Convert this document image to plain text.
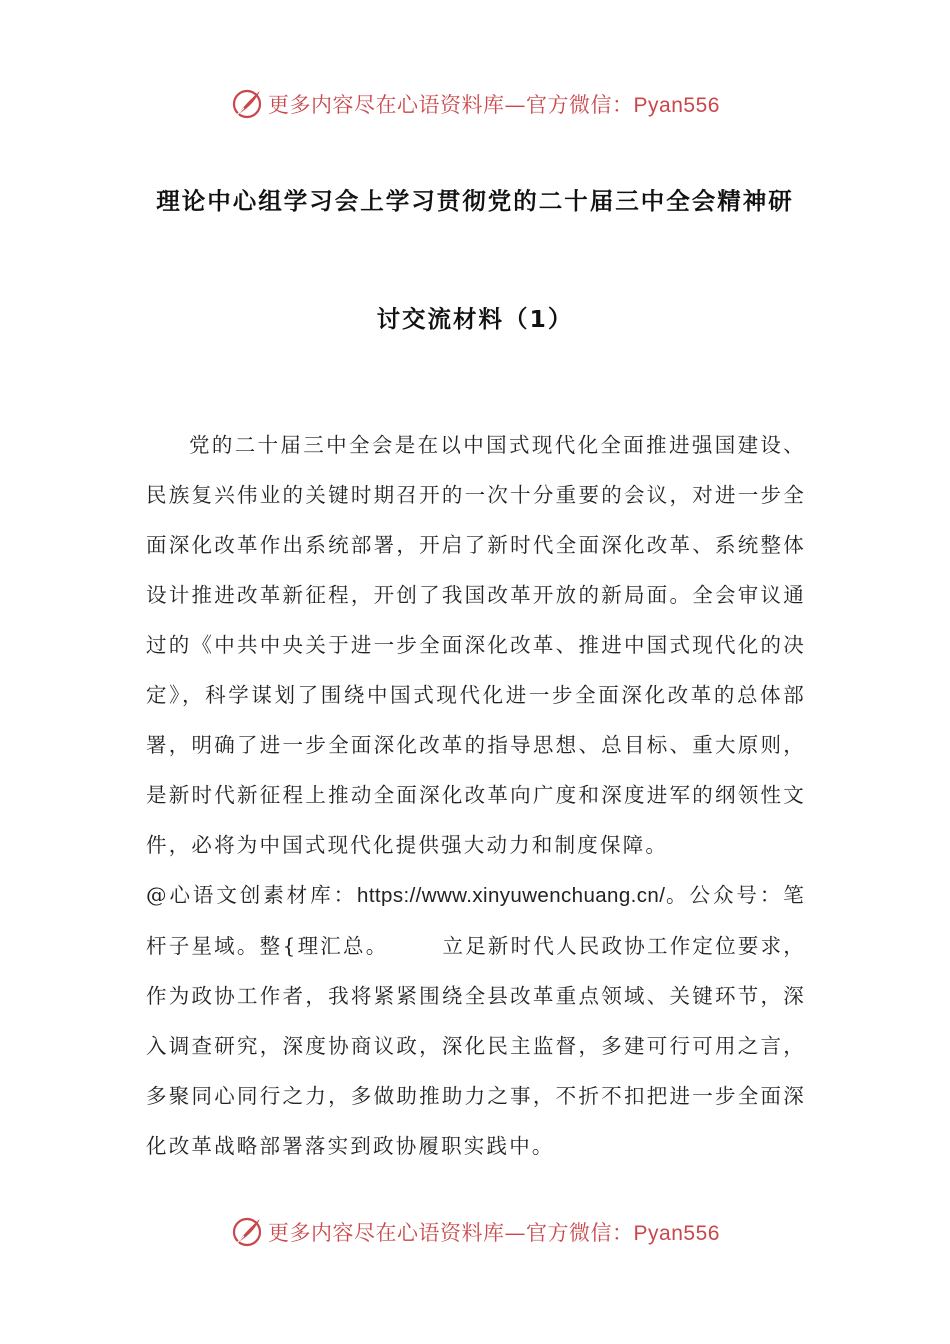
更多内容尽在心语资料库—官方微信：Pyan556
理论中心组学习会上学习贯彻党的二十届三中全会精神研
讨交流材料（1）

党的二十届三中全会是在以中国式现代化全面推进强国建设、民族复兴伟业的关键时期召开的一次十分重要的会议，对进一步全面深化改革作出系统部署，开启了新时代全面深化改革、系统整体设计推进改革新征程，开创了我国改革开放的新局面。全会审议通过的《中共中央关于进一步全面深化改革、推进中国式现代化的决定》，科学谋划了围绕中国式现代化进一步全面深化改革的总体部署，明确了进一步全面深化改革的指导思想、总目标、重大原则，是新时代新征程上推动全面深化改革向广度和深度进军的纲领性文件，必将为中国式现代化提供强大动力和制度保障。

@心语文创素材库：https://www.xinyuwenchuang.cn/。公众号：笔杆子星域。整{理汇总。	立足新时代人民政协工作定位要求，作为政协工作者，我将紧紧围绕全县改革重点领域、关键环节，深入调查研究，深度协商议政，深化民主监督，多建可行可用之言，多聚同心同行之力，多做助推助力之事，不折不扣把进一步全面深化改革战略部署落实到政协履职实践中。

更多内容尽在心语资料库—官方微信：Pyan556
